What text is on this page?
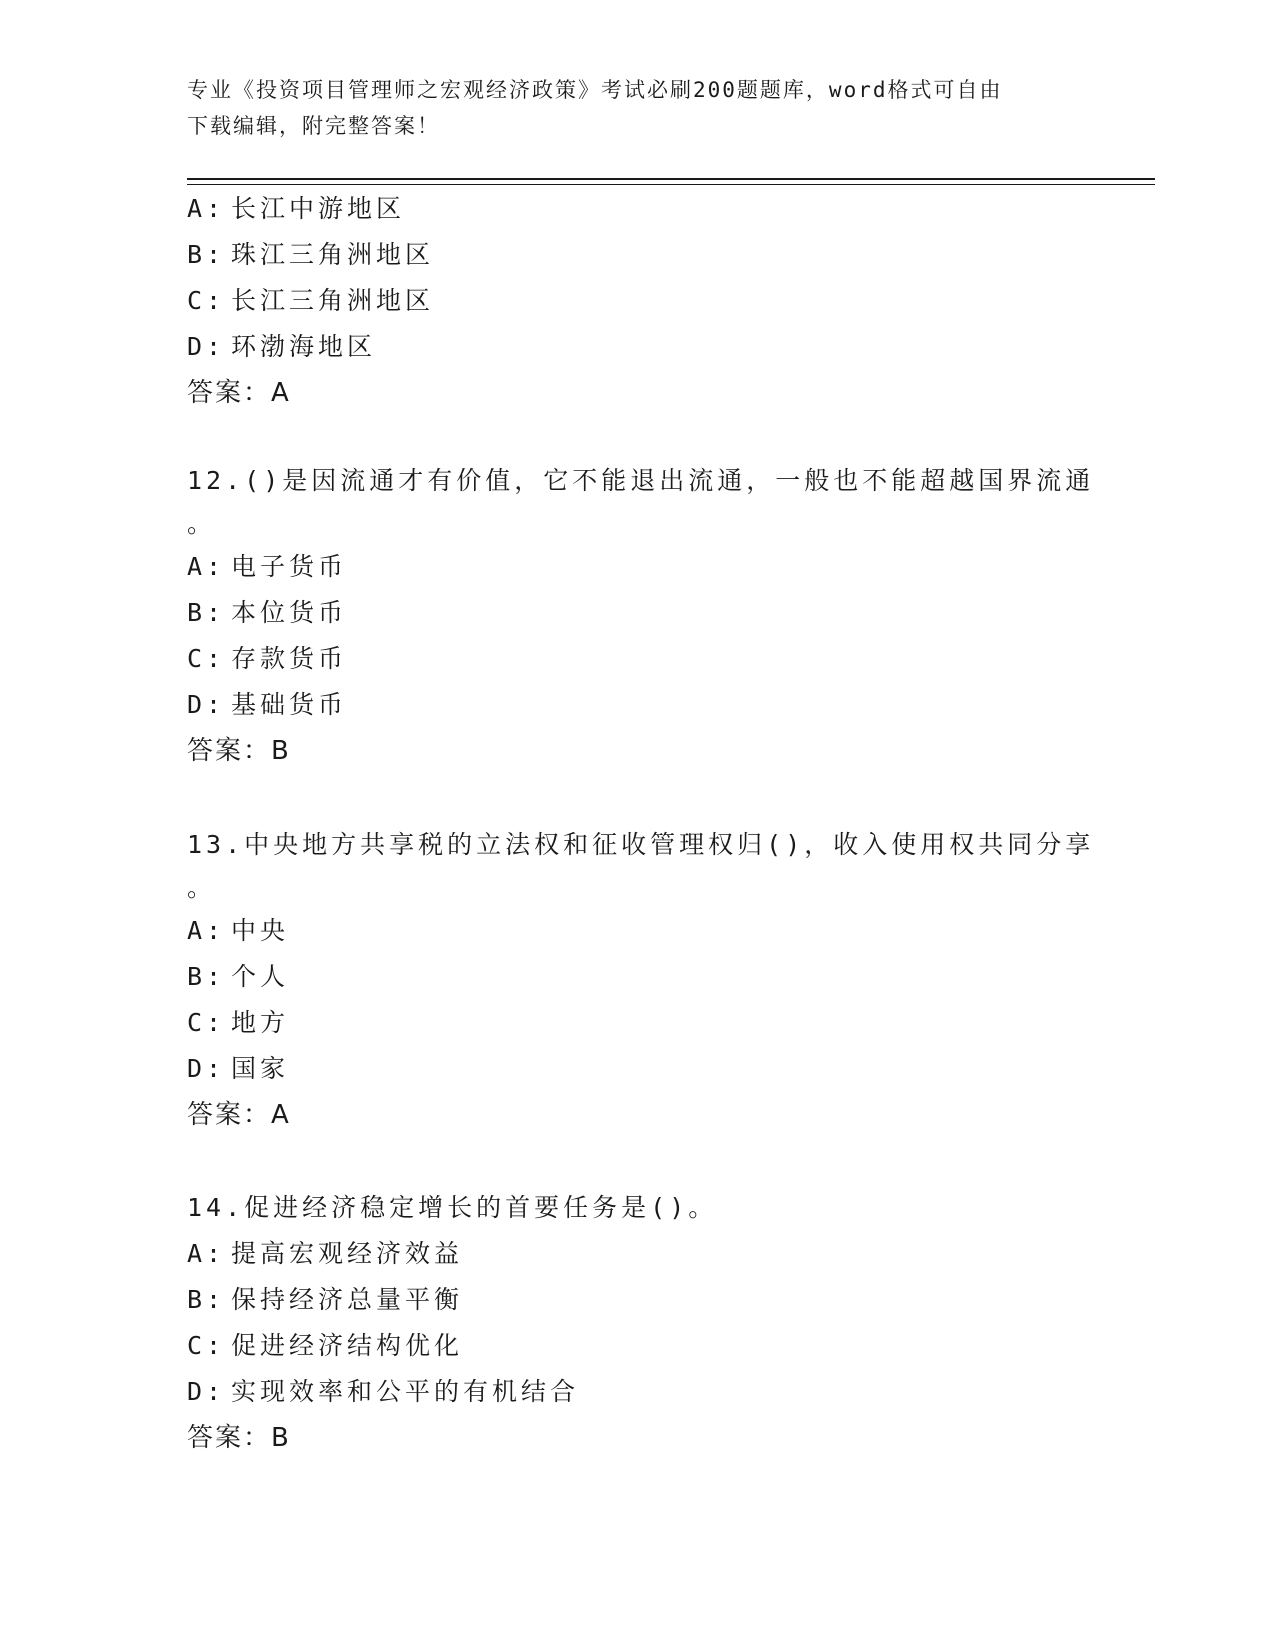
专业《投资项目管理师之宏观经济政策》考试必刷200题题库，word格式可自由
下载编辑，附完整答案！
A: 长江中游地区
B: 珠江三角洲地区
C: 长江三角洲地区
D: 环渤海地区
答案：A
12.()是因流通才有价值，它不能退出流通，一般也不能超越国界流通
。
A: 电子货币
B: 本位货币
C: 存款货币
D: 基础货币
答案：B
13.中央地方共享税的立法权和征收管理权归()，收入使用权共同分享
。
A: 中央
B: 个人
C: 地方
D: 国家
答案：A
14.促进经济稳定增长的首要任务是()。
A: 提高宏观经济效益
B: 保持经济总量平衡
C: 促进经济结构优化
D: 实现效率和公平的有机结合
答案：B
